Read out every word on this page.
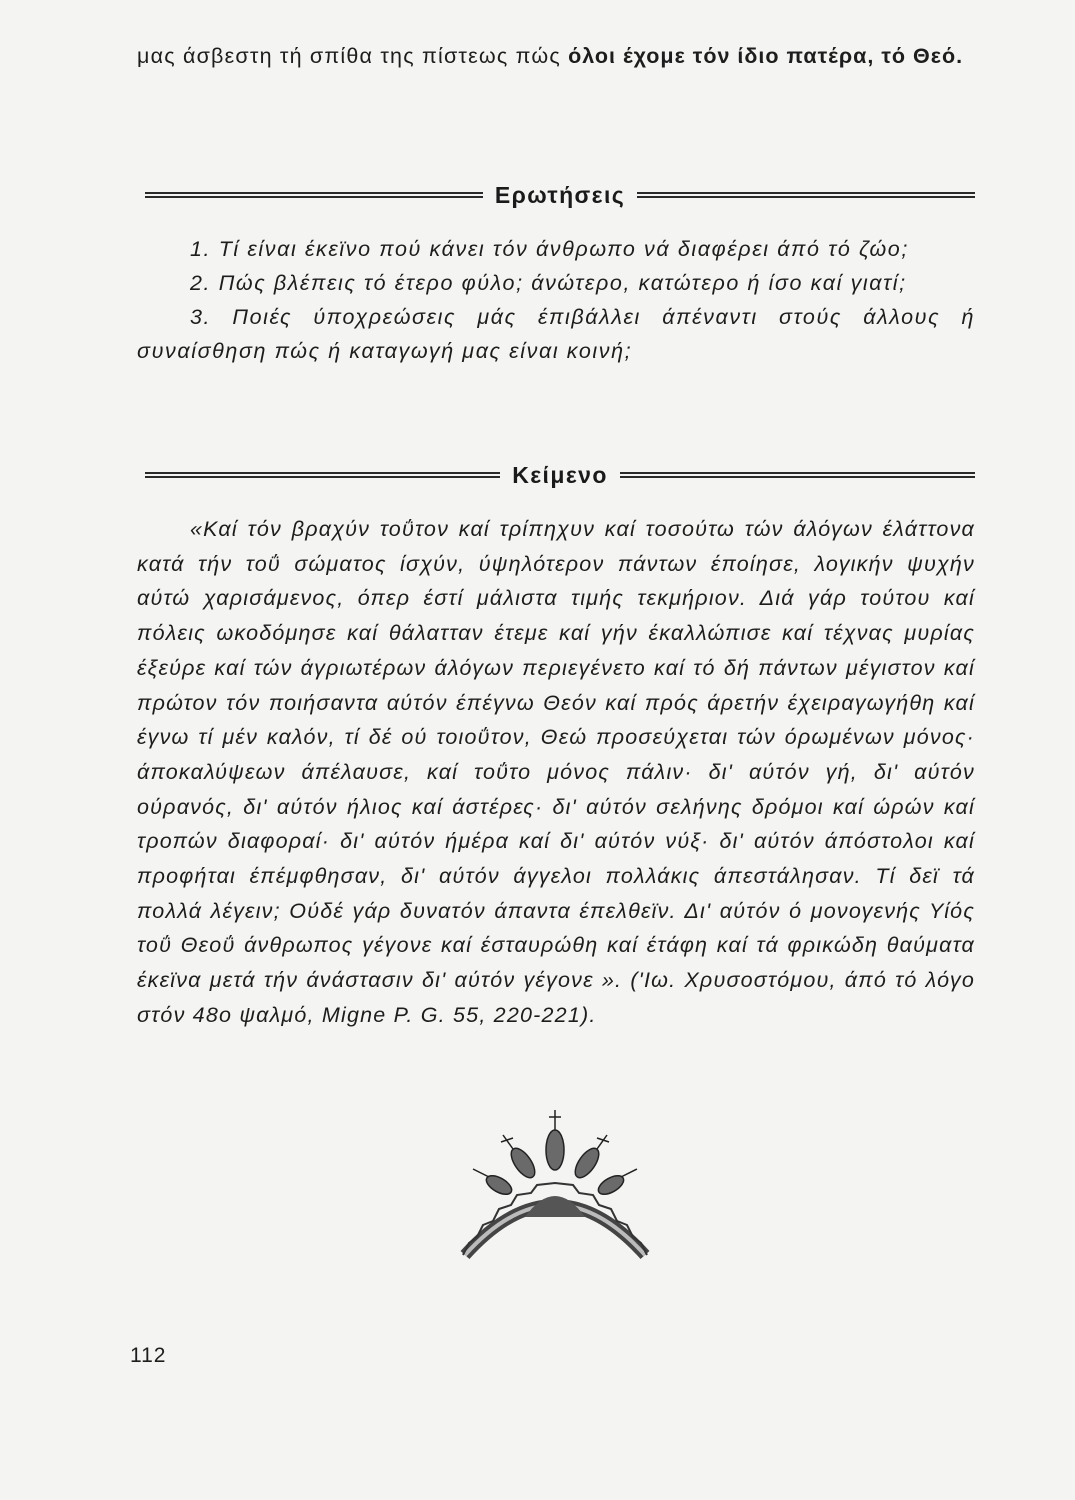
μας άσβεστη τή σπίθα της πίστεως πώς όλοι έχομε τόν ίδιο πατέρα, τό Θεό.
Ερωτήσεις
1. Τί είναι έκεϊνο πού κάνει τόν άνθρωπο νά διαφέρει άπό τό ζώο;
2. Πώς βλέπεις τό έτερο φύλο; άνώτερο, κατώτερο ή ίσο καί γιατί;
3. Ποιές ύποχρεώσεις μάς έπιβάλλει άπέναντι στούς άλλους ή συναίσθηση πώς ή καταγωγή μας είναι κοινή;
Κείμενο
«Καί τόν βραχύν τοΰτον καί τρίπηχυν καί τοσούτω τών άλόγων έλάττονα κατά τήν τοΰ σώματος ίσχύν, ύψηλότερον πάντων έποίησε, λογικήν ψυχήν αύτώ χαρισάμενος, όπερ έστί μάλιστα τιμής τεκμήριον. Διά γάρ τούτου καί πόλεις ωκοδόμησε καί θάλατταν έτεμε καί γήν έκαλλώπισε καί τέχνας μυρίας έξεύρε καί τών άγριωτέρων άλόγων περιεγένετο καί τό δή πάντων μέγιστον καί πρώτον τόν ποιήσαντα αύτόν έπέγνω Θεόν καί πρός άρετήν έχειραγωγήθη καί έγνω τί μέν καλόν, τί δέ ού τοιοΰτον, Θεώ προσεύχεται τών όρωμένων μόνος· άποκαλύψεων άπέλαυσε, καί τοΰτο μόνος πάλιν· δι' αύτόν γή, δι' αύτόν ούρανός, δι' αύτόν ήλιος καί άστέρες· δι' αύτόν σελήνης δρόμοι καί ώρών καί τροπών διαφοραί· δι' αύτόν ήμέρα καί δι' αύτόν νύξ· δι' αύτόν άπόστολοι καί προφήται έπέμφθησαν, δι' αύτόν άγγελοι πολλάκις άπεστάλησαν. Τί δεϊ τά πολλά λέγειν; Ούδέ γάρ δυνατόν άπαντα έπελθεϊν. Δι' αύτόν ό μονογενής Υίός τοΰ Θεοΰ άνθρωπος γέγονε καί έσταυρώθη καί έτάφη καί τά φρικώδη θαύματα έκεϊνα μετά τήν άνάστασιν δι' αύτόν γέγονε ». ('Ιω. Χρυσοστόμου, άπό τό λόγο στόν 48ο ψαλμό, Migne P. G. 55, 220-221).
112
